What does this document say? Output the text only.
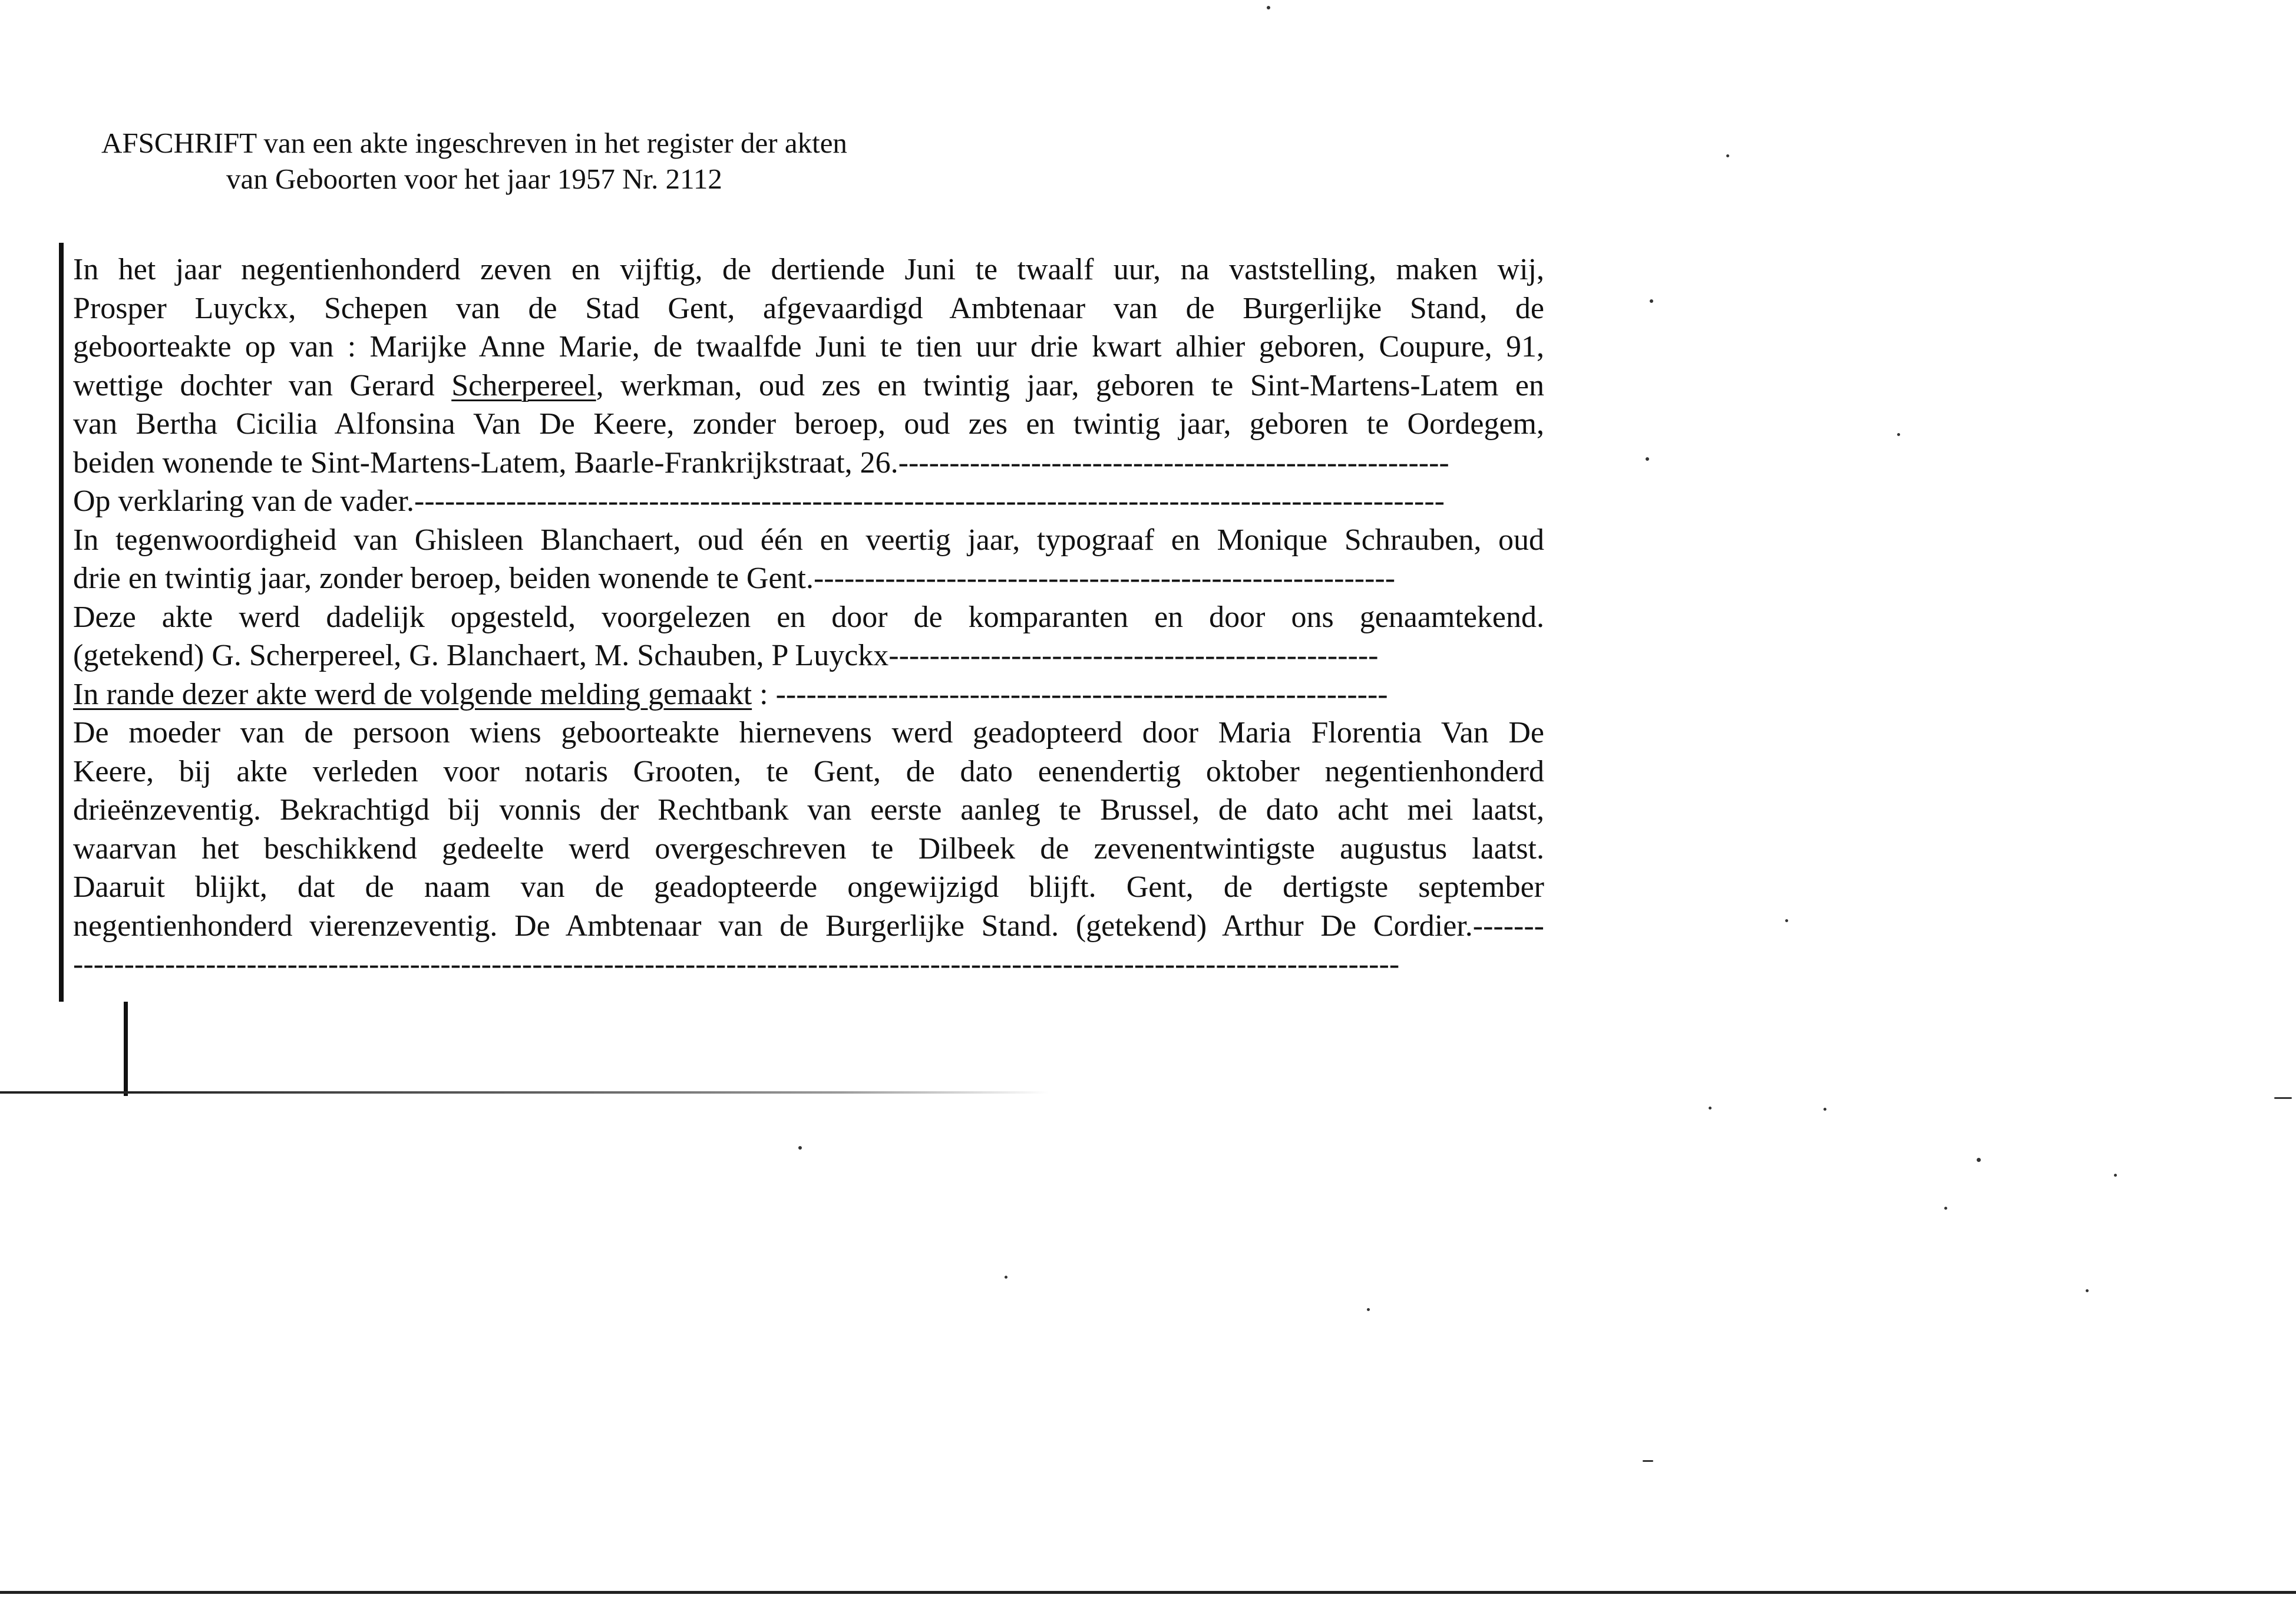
AFSCHRIFT van een akte ingeschreven in het register der akten
van Geboorten voor het jaar 1957 Nr. 2112
In het jaar negentienhonderd zeven en vijftig, de dertiende Juni te twaalf uur, na vaststelling, maken wij,
Prosper Luyckx, Schepen van de Stad Gent, afgevaardigd Ambtenaar van de Burgerlijke Stand, de
geboorteakte op van : Marijke Anne Marie, de twaalfde Juni te tien uur drie kwart alhier geboren, Coupure, 91,
wettige dochter van Gerard Scherpereel, werkman, oud zes en twintig jaar, geboren te Sint-Martens-Latem en
van Bertha Cicilia Alfonsina Van De Keere, zonder beroep, oud zes en twintig jaar, geboren te Oordegem,
beiden wonende te Sint-Martens-Latem, Baarle-Frankrijkstraat, 26.------------------------------------------------------
Op verklaring van de vader.-----------------------------------------------------------------------------------------------------
In tegenwoordigheid van Ghisleen Blanchaert, oud één en veertig jaar, typograaf en Monique Schrauben, oud
drie en twintig jaar, zonder beroep, beiden wonende te Gent.---------------------------------------------------------
Deze akte werd dadelijk opgesteld, voorgelezen en door de komparanten en door ons genaamtekend.
(getekend) G. Scherpereel, G. Blanchaert, M. Schauben, P Luyckx------------------------------------------------
In rande dezer akte werd de volgende melding gemaakt : ------------------------------------------------------------
De moeder van de persoon wiens geboorteakte hiernevens werd geadopteerd door Maria Florentia Van De
Keere, bij akte verleden voor notaris Grooten, te Gent, de dato eenendertig oktober negentienhonderd
drieënzeventig. Bekrachtigd bij vonnis der Rechtbank van eerste aanleg te Brussel, de dato acht mei laatst,
waarvan het beschikkend gedeelte werd overgeschreven te Dilbeek de zevenentwintigste augustus laatst.
Daaruit blijkt, dat de naam van de geadopteerde ongewijzigd blijft. Gent, de dertigste september
negentienhonderd vierenzeventig. De Ambtenaar van de Burgerlijke Stand. (getekend) Arthur De Cordier.-------
----------------------------------------------------------------------------------------------------------------------------------
